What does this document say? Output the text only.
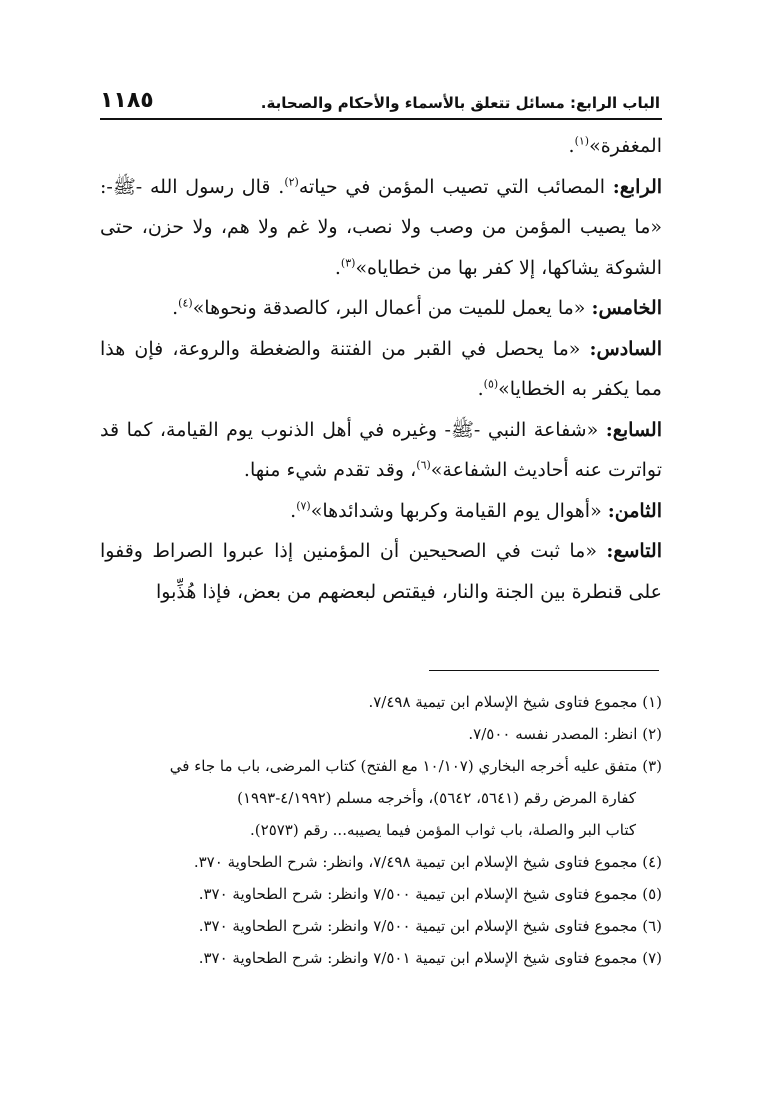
الباب الرابع: مسائل تتعلق بالأسماء والأحكام والصحابة.
١١٨٥

المغفرة»$^{(١)}$.

الرابع: المصائب التي تصيب المؤمن في حياته$^{(٢)}$. قال رسول الله -ﷺ-: «ما يصيب المؤمن من وصب ولا نصب، ولا غم ولا هم، ولا حزن، حتى الشوكة يشاكها، إلا كفر بها من خطاياه»$^{(٣)}$.

الخامس: «ما يعمل للميت من أعمال البر، كالصدقة ونحوها»$^{(٤)}$.

السادس: «ما يحصل في القبر من الفتنة والضغطة والروعة، فإن هذا مما يكفر به الخطايا»$^{(٥)}$.

السابع: «شفاعة النبي -ﷺ- وغيره في أهل الذنوب يوم القيامة، كما قد تواترت عنه أحاديث الشفاعة»$^{(٦)}$، وقد تقدم شيء منها.

الثامن: «أهوال يوم القيامة وكربها وشدائدها»$^{(٧)}$.

التاسع: «ما ثبت في الصحيحين أن المؤمنين إذا عبروا الصراط وقفوا على قنطرة بين الجنة والنار، فيقتص لبعضهم من بعض، فإذا هُذِّبوا

(١) مجموع فتاوى شيخ الإسلام ابن تيمية ٧/٤٩٨.

(٢) انظر: المصدر نفسه ٧/٥٠٠.

(٣) متفق عليه أخرجه البخاري (١٠/١٠٧ مع الفتح) كتاب المرضى، باب ما جاء في

كفارة المرض رقم (٥٦٤١، ٥٦٤٢)، وأخرجه مسلم (٤/١٩٩٢-١٩٩٣)

كتاب البر والصلة، باب ثواب المؤمن فيما يصيبه... رقم (٢٥٧٣).

(٤) مجموع فتاوى شيخ الإسلام ابن تيمية ٧/٤٩٨، وانظر: شرح الطحاوية ٣٧٠.

(٥) مجموع فتاوى شيخ الإسلام ابن تيمية ٧/٥٠٠ وانظر: شرح الطحاوية ٣٧٠.

(٦) مجموع فتاوى شيخ الإسلام ابن تيمية ٧/٥٠٠ وانظر: شرح الطحاوية ٣٧٠.

(٧) مجموع فتاوى شيخ الإسلام ابن تيمية ٧/٥٠١ وانظر: شرح الطحاوية ٣٧٠.
